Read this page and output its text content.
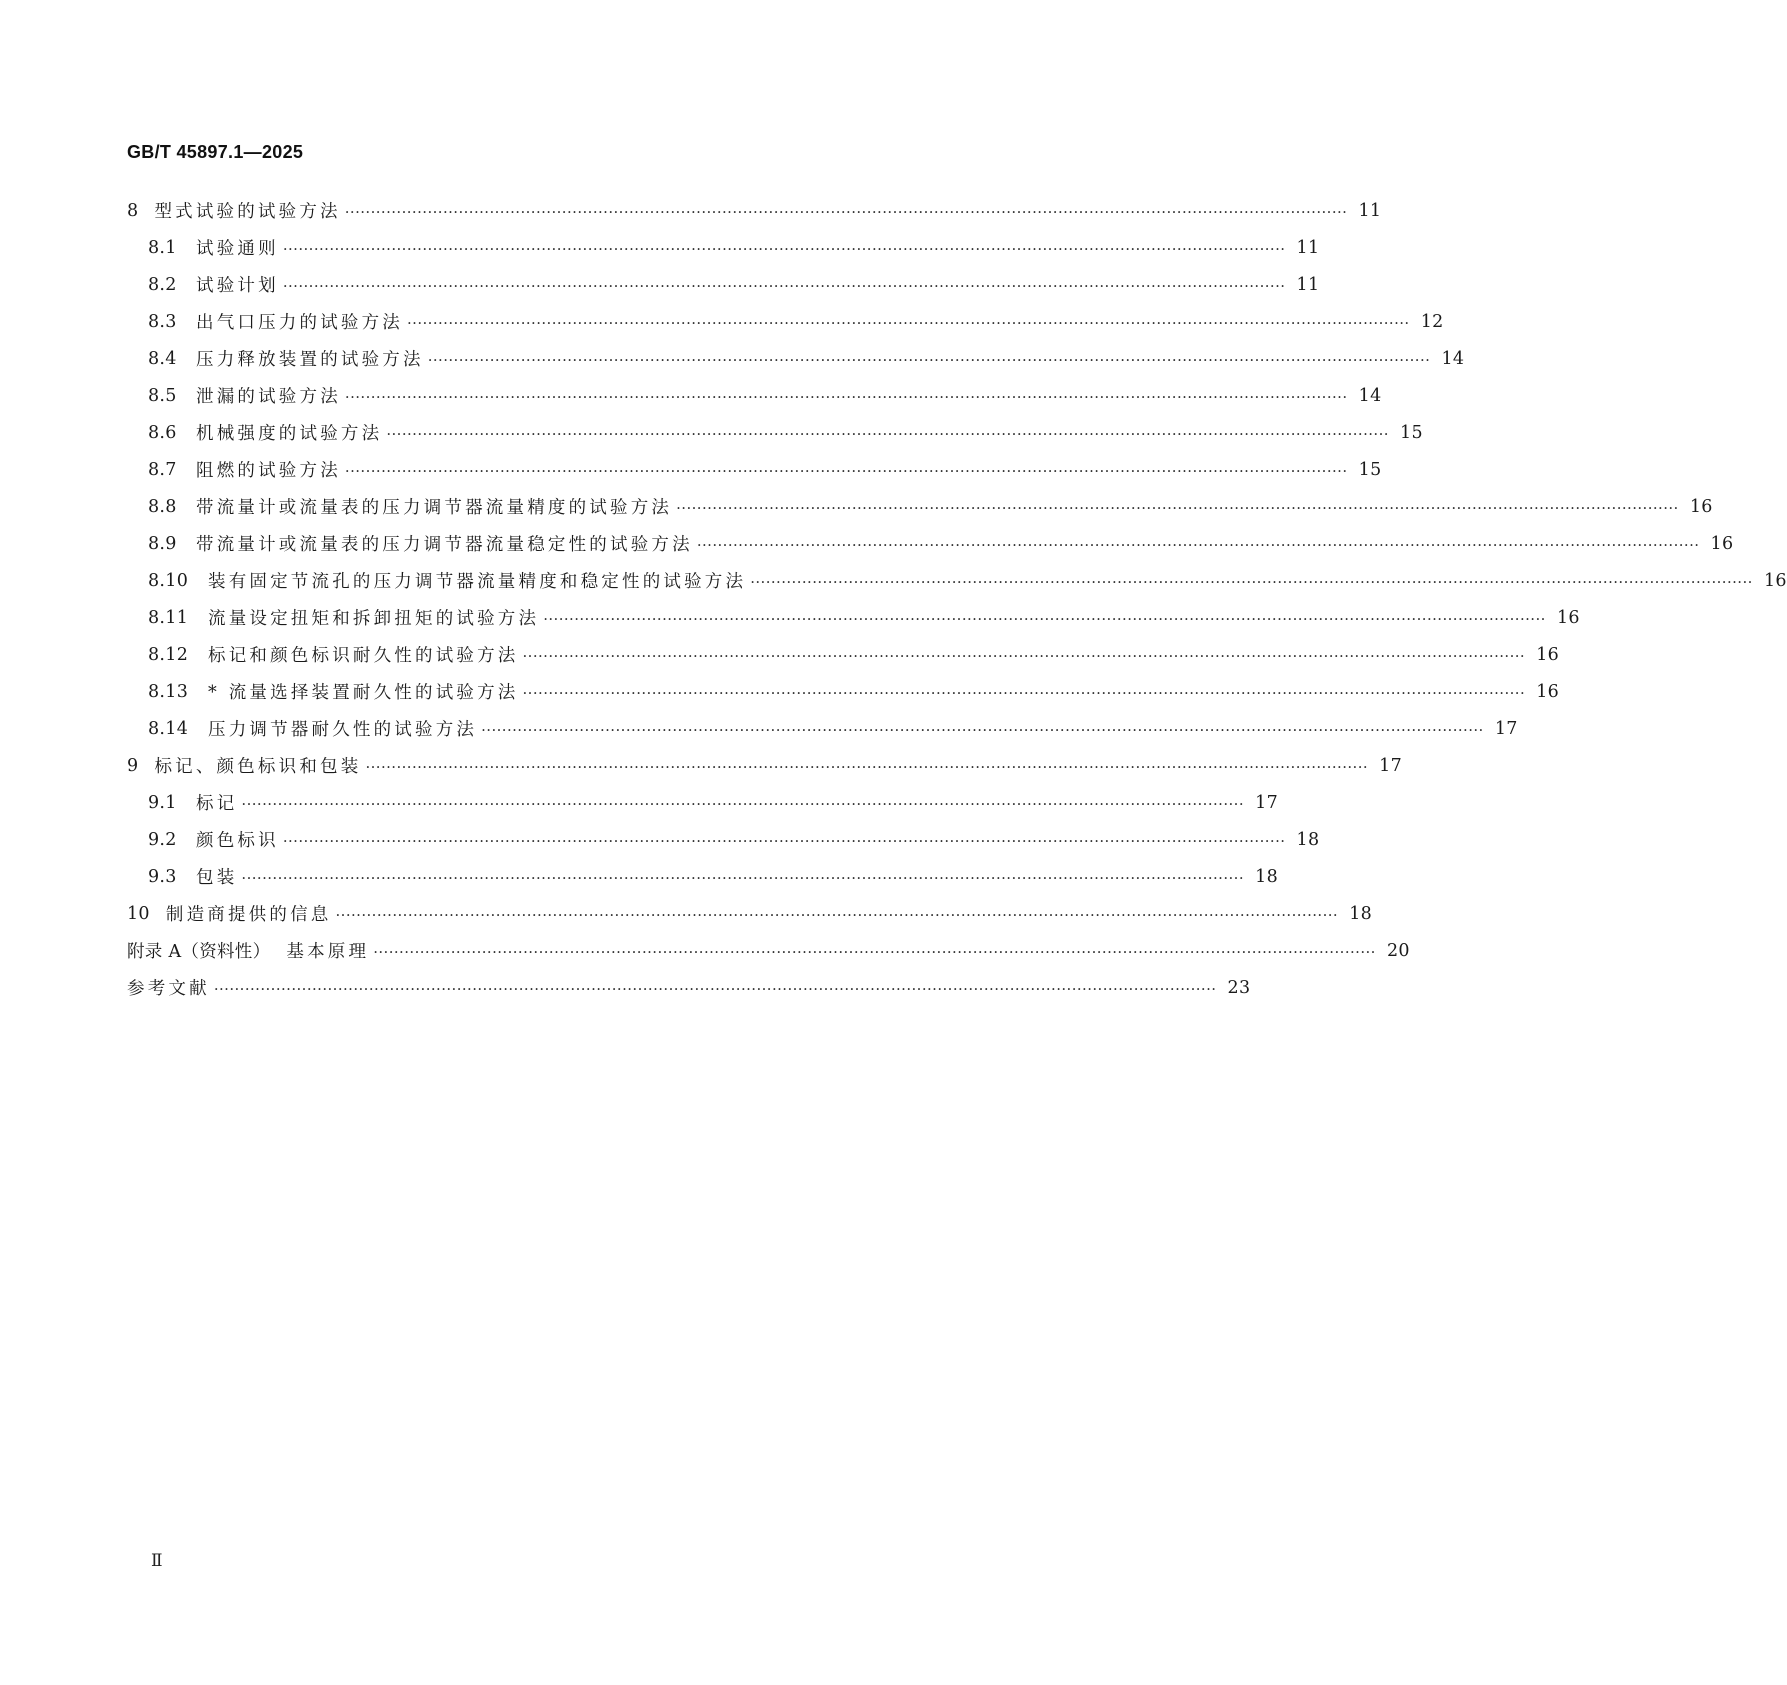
GB/T 45897.1—2025
8 型式试验的试验方法 ·································································································································································································· 11
8.1	试验通则 ·································································································································································································· 11
8.2	试验计划 ·································································································································································································· 11
8.3	出气口压力的试验方法 ·································································································································································································· 12
8.4	压力释放装置的试验方法 ·································································································································································································· 14
8.5	泄漏的试验方法 ·································································································································································································· 14
8.6	机械强度的试验方法 ·································································································································································································· 15
8.7	阻燃的试验方法 ·································································································································································································· 15
8.8	带流量计或流量表的压力调节器流量精度的试验方法 ·································································································································································································· 16
8.9	带流量计或流量表的压力调节器流量稳定性的试验方法 ·································································································································································································· 16
8.10 装有固定节流孔的压力调节器流量精度和稳定性的试验方法 ·································································································································································································· 16
8.11 流量设定扭矩和拆卸扭矩的试验方法 ·································································································································································································· 16
8.12 标记和颜色标识耐久性的试验方法 ·································································································································································································· 16
8.13 * 流量选择装置耐久性的试验方法 ·································································································································································································· 16
8.14 压力调节器耐久性的试验方法 ·································································································································································································· 17
9 标记、颜色标识和包装 ·································································································································································································· 17
9.1	标记 ·································································································································································································· 17
9.2	颜色标识 ·································································································································································································· 18
9.3	包装 ·································································································································································································· 18
10 制造商提供的信息 ·································································································································································································· 18
附录 A（资料性） 基本原理 ·································································································································································································· 20
参考文献 ·································································································································································································· 23
Ⅱ
